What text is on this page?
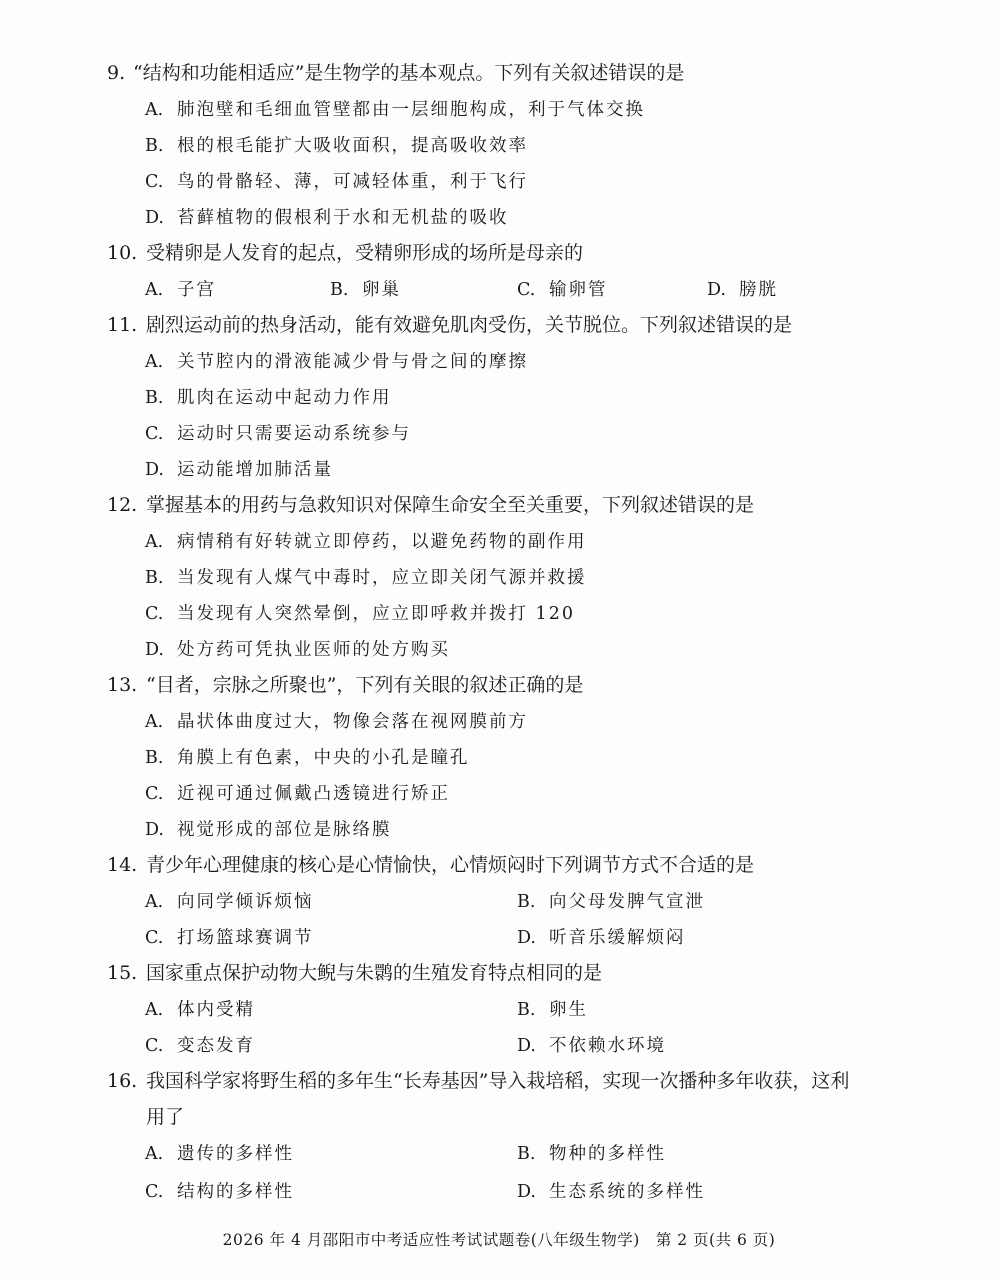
9. “结构和功能相适应”是生物学的基本观点。下列有关叙述错误的是
A. 肺泡壁和毛细血管壁都由一层细胞构成，利于气体交换
B. 根的根毛能扩大吸收面积，提高吸收效率
C. 鸟的骨骼轻、薄，可减轻体重，利于飞行
D. 苔藓植物的假根利于水和无机盐的吸收
10. 受精卵是人发育的起点，受精卵形成的场所是母亲的
A. 子宫	B. 卵巢	C. 输卵管	D. 膀胱
11. 剧烈运动前的热身活动，能有效避免肌肉受伤，关节脱位。下列叙述错误的是
A. 关节腔内的滑液能减少骨与骨之间的摩擦
B. 肌肉在运动中起动力作用
C. 运动时只需要运动系统参与
D. 运动能增加肺活量
12. 掌握基本的用药与急救知识对保障生命安全至关重要，下列叙述错误的是
A. 病情稍有好转就立即停药，以避免药物的副作用
B. 当发现有人煤气中毒时，应立即关闭气源并救援
C. 当发现有人突然晕倒，应立即呼救并拨打 120
D. 处方药可凭执业医师的处方购买
13. “目者，宗脉之所聚也”，下列有关眼的叙述正确的是
A. 晶状体曲度过大，物像会落在视网膜前方
B. 角膜上有色素，中央的小孔是瞳孔
C. 近视可通过佩戴凸透镜进行矫正
D. 视觉形成的部位是脉络膜
14. 青少年心理健康的核心是心情愉快，心情烦闷时下列调节方式不合适的是
A. 向同学倾诉烦恼	B. 向父母发脾气宣泄
C. 打场篮球赛调节	D. 听音乐缓解烦闷
15. 国家重点保护动物大鲵与朱鹮的生殖发育特点相同的是
A. 体内受精	B. 卵生
C. 变态发育	D. 不依赖水环境
16. 我国科学家将野生稻的多年生“长寿基因”导入栽培稻，实现一次播种多年收获，这利
用了
A. 遗传的多样性	B. 物种的多样性
C. 结构的多样性	D. 生态系统的多样性
2026 年 4 月邵阳市中考适应性考试试题卷(八年级生物学)　第 2 页(共 6 页)
